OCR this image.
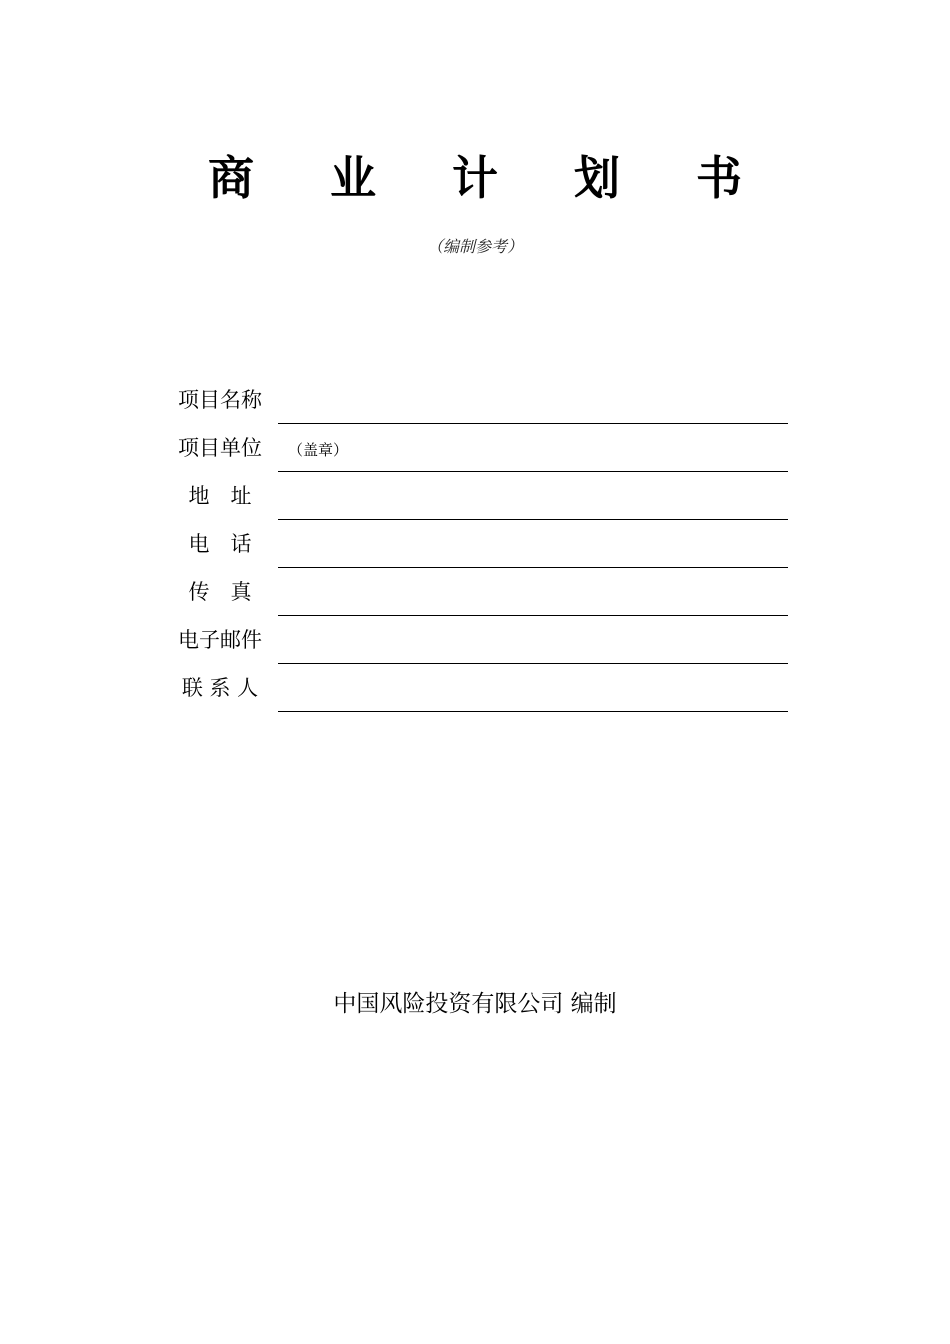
商 业 计 划 书
（编制参考）
项目名称
项目单位	（盖章）
地　址
电　话
传　真
电子邮件
联 系 人
中国风险投资有限公司 编制
